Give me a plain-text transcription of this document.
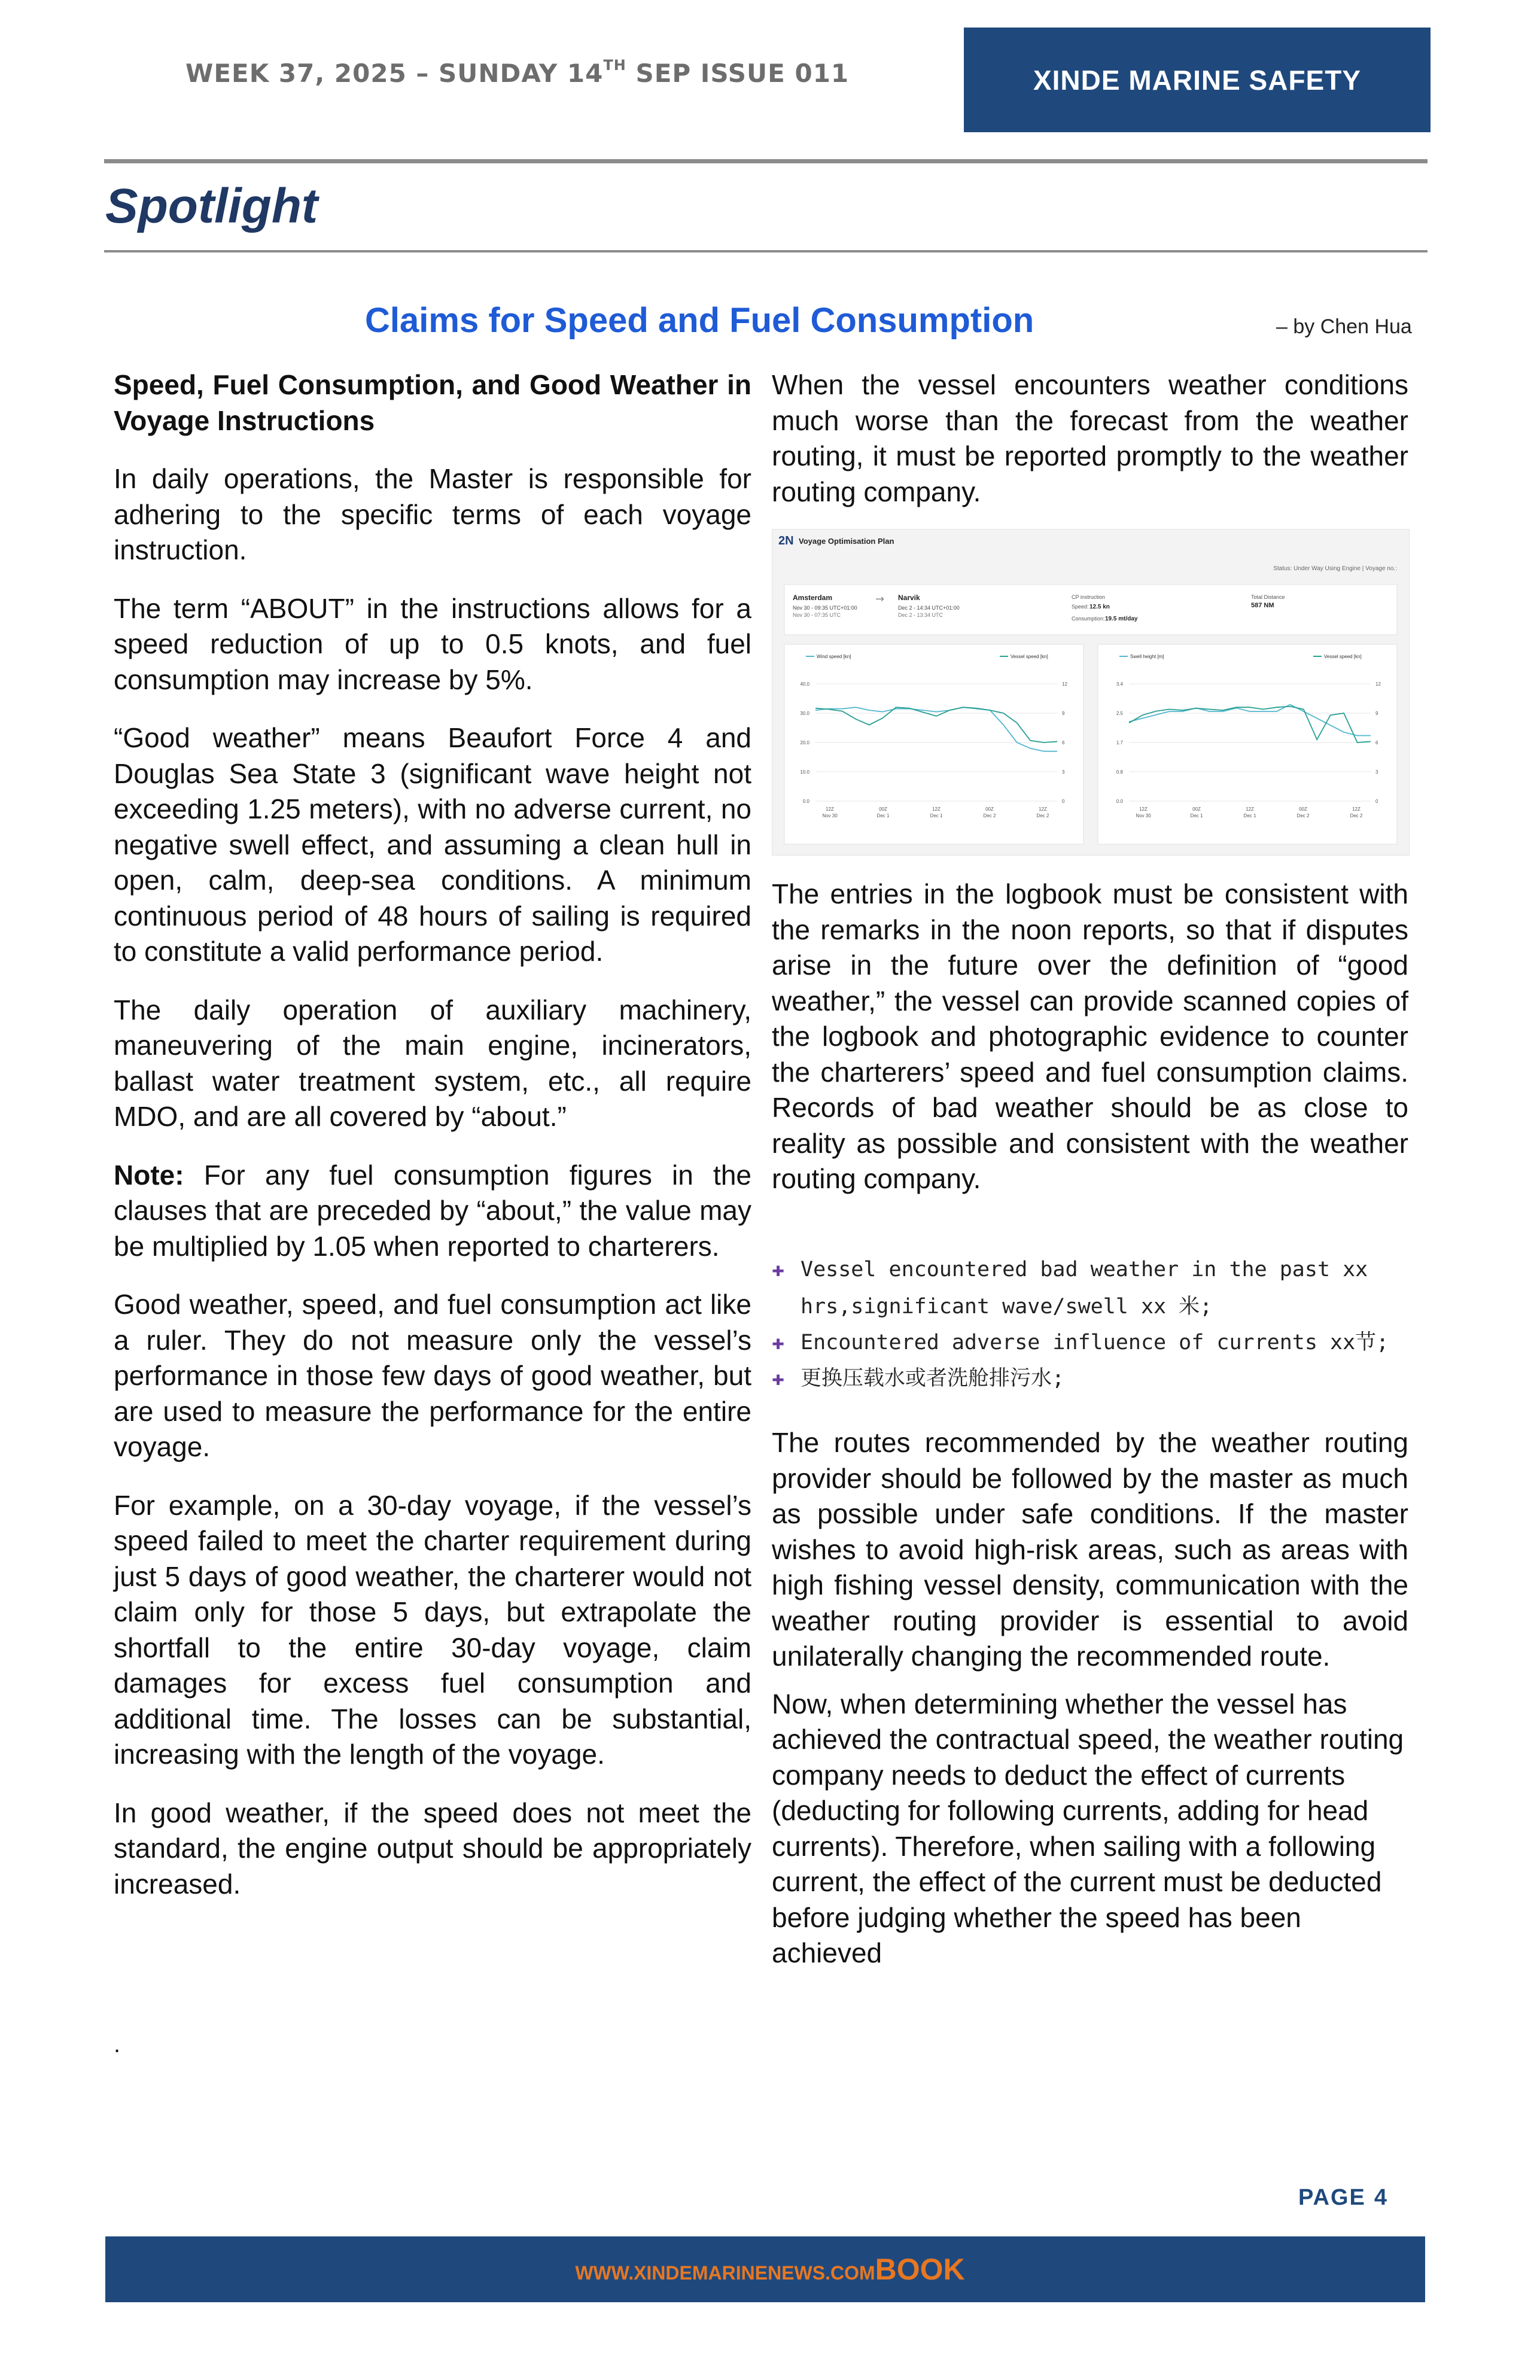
WEEK 37, 2025 – SUNDAY 14TH SEP ISSUE 011	XINDE MARINE SAFETY
Spotlight
Claims for Speed and Fuel Consumption	– by Chen Hua

Speed, Fuel Consumption, and Good Weather in Voyage Instructions

In daily operations, the Master is responsible for adhering to the specific terms of each voyage instruction.

The term “ABOUT” in the instructions allows for a speed reduction of up to 0.5 knots, and fuel consumption may increase by 5%.

“Good weather” means Beaufort Force 4 and Douglas Sea State 3 (significant wave height not exceeding 1.25 meters), with no adverse current, no negative swell effect, and assuming a clean hull in open, calm, deep-sea conditions. A minimum continuous period of 48 hours of sailing is required to constitute a valid performance period.

The daily operation of auxiliary machinery, maneuvering of the main engine, incinerators, ballast water treatment system, etc., all require MDO, and are all covered by “about.”

Note: For any fuel consumption figures in the clauses that are preceded by “about,” the value may be multiplied by 1.05 when reported to charterers.

Good weather, speed, and fuel consumption act like a ruler. They do not measure only the vessel’s performance in those few days of good weather, but are used to measure the performance for the entire voyage.

For example, on a 30-day voyage, if the vessel’s speed failed to meet the charter requirement during just 5 days of good weather, the charterer would not claim only for those 5 days, but extrapolate the shortfall to the entire 30-day voyage, claim damages for excess fuel consumption and additional time. The losses can be substantial, increasing with the length of the voyage.

In good weather, if the speed does not meet the standard, the engine output should be appropriately increased.

.

When the vessel encounters weather conditions much worse than the forecast from the weather routing, it must be reported promptly to the weather routing company.

2N Voyage Optimisation Plan
Status: Under Way Using Engine | Voyage no.:
Amsterdam
Nov 30 - 09:35 UTC+01:00
Nov 30 - 07:35 UTC
→ Narvik
Dec 2 - 14:34 UTC+01:00
Dec 2 - 13:34 UTC
CP instruction
Speed: 12.5 kn
Consumption: 19.5 mt/day
Total Distance
587 NM
Wind speed [kn]	Vessel speed [kn]
0.0	0
10.0	3
20.0	6
30.0	9
40.0	12
12Z
Nov 30
00Z
Dec 1
12Z
Dec 1
00Z
Dec 2
12Z
Dec 2
Swell height [m]	Vessel speed [kn]
0.0	0
0.8	3
1.7	6
2.5	9
3.4	12
12Z
Nov 30
00Z
Dec 1
12Z
Dec 1
00Z
Dec 2
12Z
Dec 2

The entries in the logbook must be consistent with the remarks in the noon reports, so that if disputes arise in the future over the definition of “good weather,” the vessel can provide scanned copies of the logbook and photographic evidence to counter the charterers’ speed and fuel consumption claims. Records of bad weather should be as close to reality as possible and consistent with the weather routing company.

✚ Vessel encountered bad weather in the past xx
hrs,significant wave/swell xx 米;
✚ Encountered adverse influence of currents xx节;
✚ 更换压载水或者洗舱排污水;

The routes recommended by the weather routing provider should be followed by the master as much as possible under safe conditions. If the master wishes to avoid high-risk areas, such as areas with high fishing vessel density, communication with the weather routing provider is essential to avoid unilaterally changing the recommended route.

Now, when determining whether the vessel has achieved the contractual speed, the weather routing company needs to deduct the effect of currents (deducting for following currents, adding for head currents). Therefore, when sailing with a following current, the effect of the current must be deducted before judging whether the speed has been achieved

PAGE 4
WWW.XINDEMARINENEWS.COMBOOK
